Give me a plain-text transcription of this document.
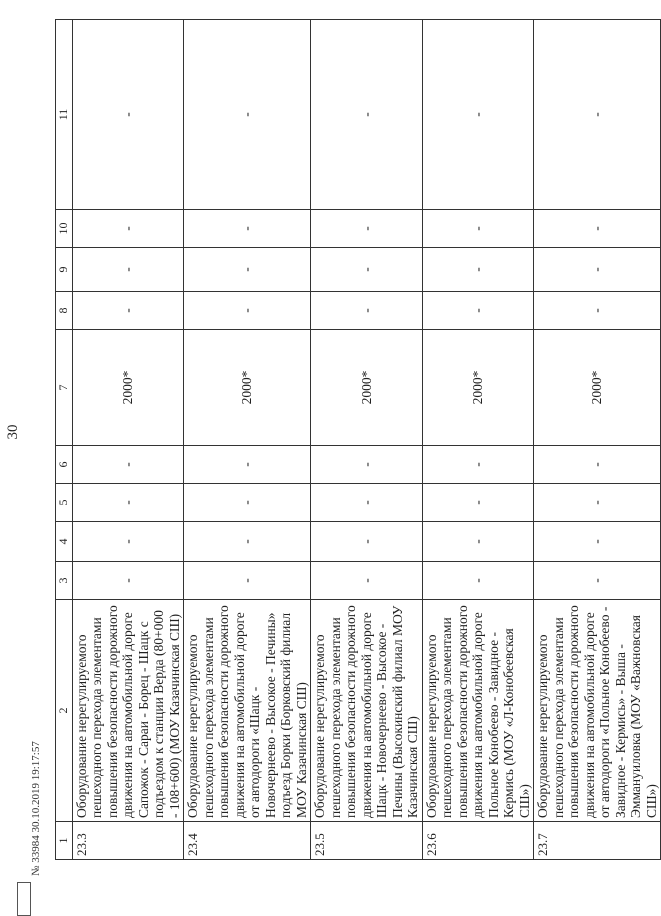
30
1	2	3	4	5	6	7	8	9	10	11
23.3	Оборудование нерегулируемого пешеходного перехода элементами повышения безопасности дорожного движения на автомобильной дороге Сапожок - Сараи - Борец - Шацк с подъездом к станции Верда (80+000 - 108+600) (МОУ Казачинская СШ)	-	-	-	-	2000*	-	-	-	-
23.4	Оборудование нерегулируемого пешеходного перехода элементами повышения безопасности дорожного движения на автомобильной дороге от автодороги «Шацк - Новочернеево - Высокое - Печины» подъезд Борки (Борковский филиал МОУ Казачинская СШ)	-	-	-	-	2000*	-	-	-	-
23.5	Оборудование нерегулируемого пешеходного перехода элементами повышения безопасности дорожного движения на автомобильной дороге Шацк - Новочернеево - Высокое - Печины (Высокинский филиал МОУ Казачинская СШ)	-	-	-	-	2000*	-	-	-	-
23.6	Оборудование нерегулируемого пешеходного перехода элементами повышения безопасности дорожного движения на автомобильной дороге Польное Конобеево - Завидное - Кермись (МОУ «Л-Конобеевская СШ»)	-	-	-	-	2000*	-	-	-	-
23.7	Оборудование нерегулируемого пешеходного перехода элементами повышения безопасности дорожного движения на автомобильной дороге от автодороги «Польное Конобеево - Завидное - Кермись» - Выша - Эммануиловка (МОУ «Важновская СШ»)	-	-	-	-	2000*	-	-	-	-
№ 33984 30.10.2019 19:17:57
